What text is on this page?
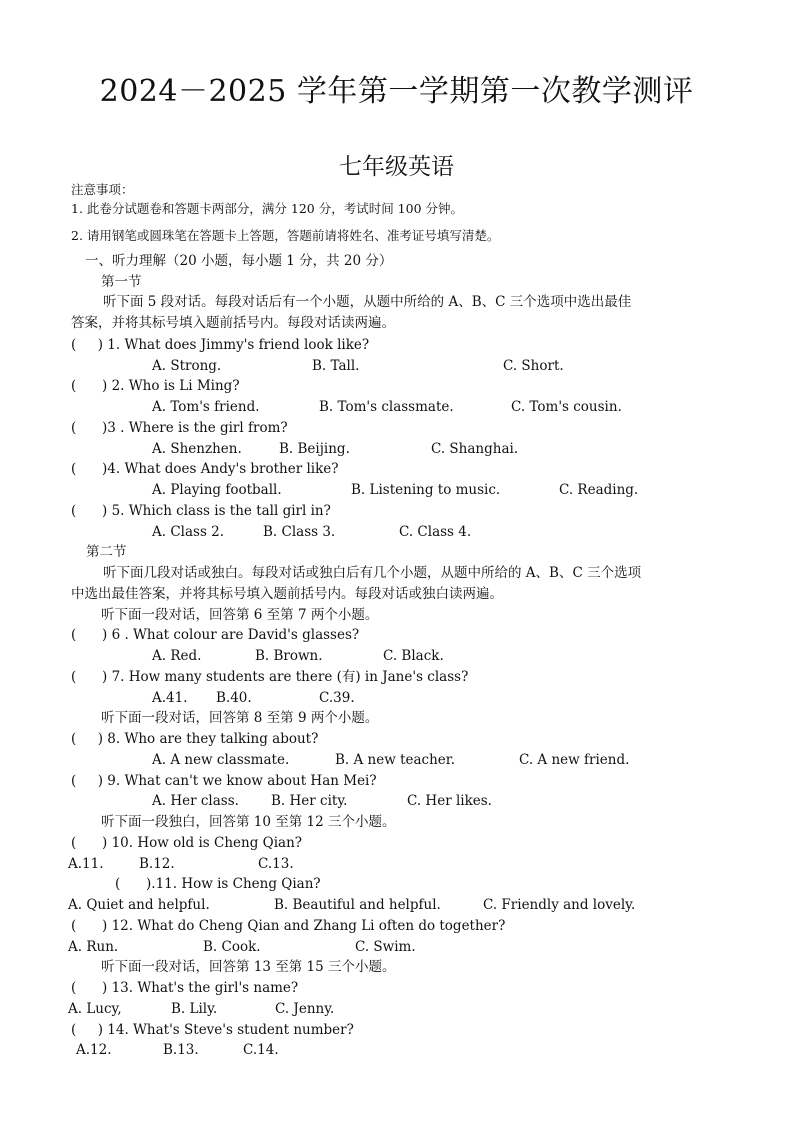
2024－2025 学年第一学期第一次教学测评
七年级英语
注意事项：
1. 此卷分试题卷和答题卡两部分，满分 120 分，考试时间 100 分钟。
2. 请用钢笔或圆珠笔在答题卡上答题，答题前请将姓名、准考证号填写清楚。
一、听力理解（20 小题，每小题 1 分，共 20 分）
第一节
听下面 5 段对话。每段对话后有一个小题，从题中所给的 A、B、C 三个选项中选出最佳
答案，并将其标号填入题前括号内。每段对话读两遍。
(     ) 1. What does Jimmy's friend look like?
A. Strong.	B. Tall.	C. Short.
(      ) 2. Who is Li Ming?
A. Tom's friend.	B. Tom's classmate.	C. Tom's cousin.
(      )3 . Where is the girl from?
A. Shenzhen.	B. Beijing.	C. Shanghai.
(      )4. What does Andy's brother like?
A. Playing football.	B. Listening to music.	C. Reading.
(      ) 5. Which class is the tall girl in?
A. Class 2.	B. Class 3.	C. Class 4.
第二节
听下面几段对话或独白。每段对话或独白后有几个小题，从题中所给的 A、B、C 三个选项
中选出最佳答案，并将其标号填入题前括号内。每段对话或独白读两遍。
听下面一段对话，回答第 6 至第 7 两个小题。
(      ) 6 . What colour are David's glasses?
A. Red.	B. Brown.	C. Black.
(      ) 7. How many students are there (有) in Jane's class?
A.41. B.40.	C.39.
听下面一段对话，回答第 8 至第 9 两个小题。
(     ) 8. Who are they talking about?
A. A new classmate.	B. A new teacher.	C. A new friend.
(     ) 9. What can't we know about Han Mei?
A. Her class. B. Her city.	C. Her likes.
听下面一段独白，回答第 10 至第 12 三个小题。
(      ) 10. How old is Cheng Qian?
A.11.	B.12.	C.13.
(      ).11. How is Cheng Qian?
A. Quiet and helpful.	B. Beautiful and helpful.	C. Friendly and lovely.
(      ) 12. What do Cheng Qian and Zhang Li often do together?
A. Run.	B. Cook.	C. Swim.
听下面一段对话，回答第 13 至第 15 三个小题。
(      ) 13. What's the girl's name?
A. Lucy,	B. Lily.	C. Jenny.
(     ) 14. What's Steve's student number?
A.12.	B.13.	C.14.
